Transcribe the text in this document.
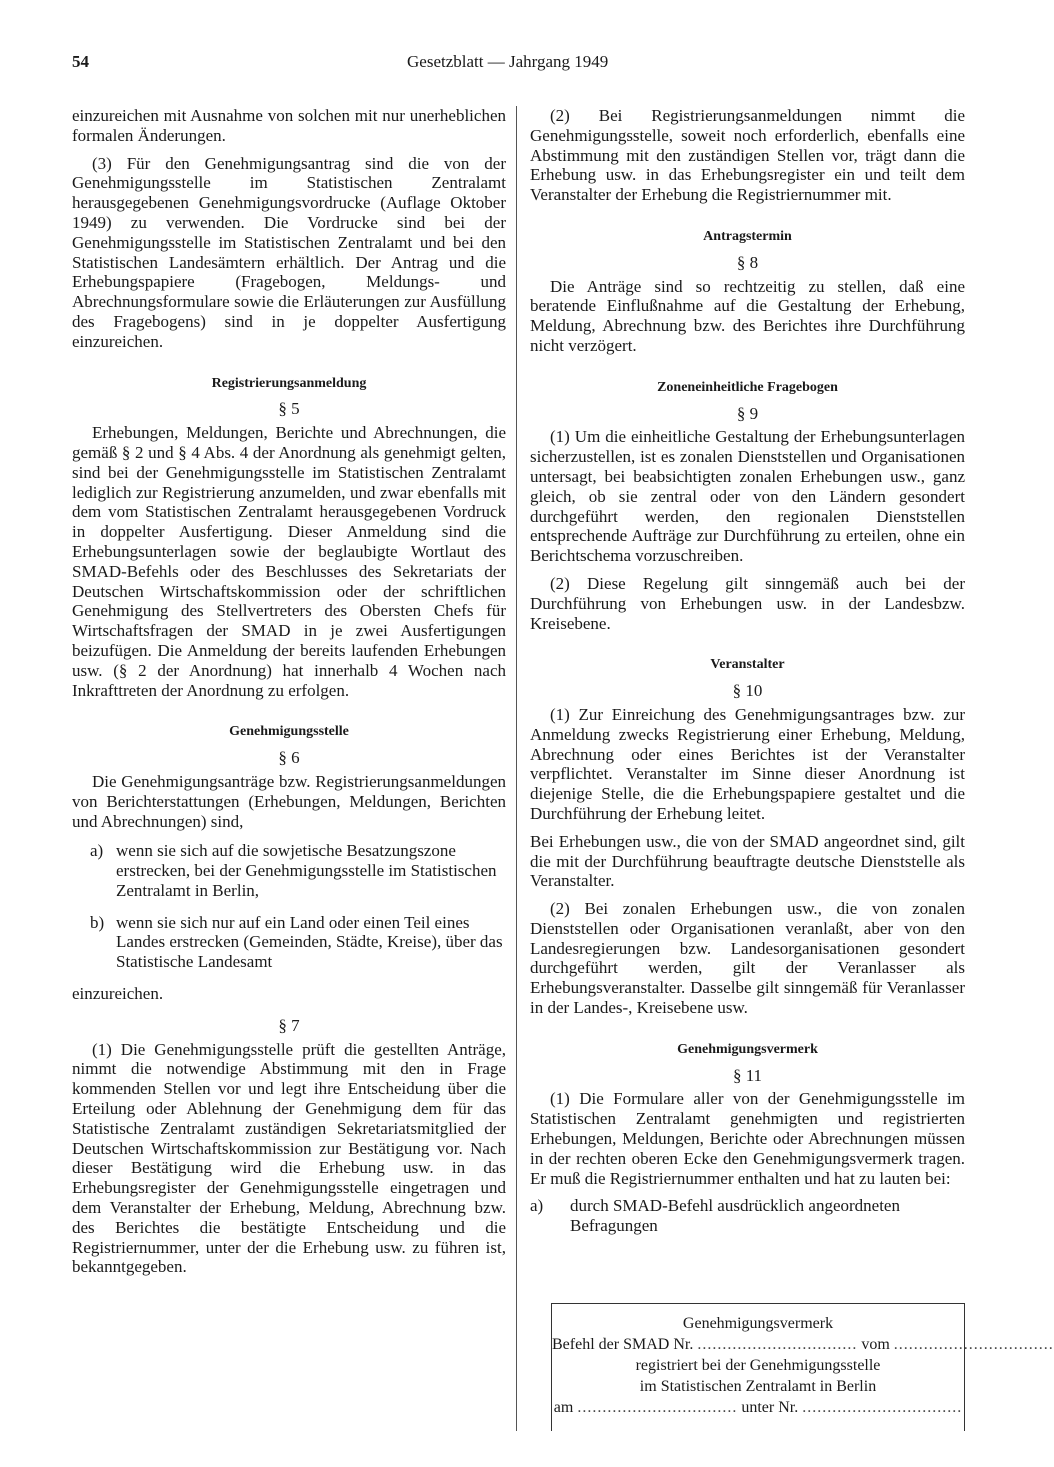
54	Gesetzblatt — Jahrgang 1949

einzureichen mit Ausnahme von solchen mit nur unerheblichen formalen Änderungen.

(3) Für den Genehmigungsantrag sind die von der Genehmigungsstelle im Statistischen Zentralamt herausgegebenen Genehmigungsvordrucke (Auflage Oktober 1949) zu verwenden. Die Vordrucke sind bei der Genehmigungsstelle im Statistischen Zentralamt und bei den Statistischen Landesämtern erhältlich. Der Antrag und die Erhebungspapiere (Fragebogen, Meldungs- und Abrechnungsformulare sowie die Erläuterungen zur Ausfüllung des Fragebogens) sind in je doppelter Ausfertigung einzureichen.

Registrierungsanmeldung
§ 5

Erhebungen, Meldungen, Berichte und Abrechnungen, die gemäß § 2 und § 4 Abs. 4 der Anordnung als genehmigt gelten, sind bei der Genehmigungsstelle im Statistischen Zentralamt lediglich zur Registrierung anzumelden, und zwar ebenfalls mit dem vom Statistischen Zentralamt herausgegebenen Vordruck in doppelter Ausfertigung. Dieser Anmeldung sind die Erhebungsunterlagen sowie der beglaubigte Wortlaut des SMAD-Befehls oder des Beschlusses des Sekretariats der Deutschen Wirtschaftskommission oder der schriftlichen Genehmigung des Stellvertreters des Obersten Chefs für Wirtschaftsfragen der SMAD in je zwei Ausfertigungen beizufügen. Die Anmeldung der bereits laufenden Erhebungen usw. (§ 2 der Anordnung) hat innerhalb 4 Wochen nach Inkrafttreten der Anordnung zu erfolgen.

Genehmigungsstelle
§ 6

Die Genehmigungsanträge bzw. Registrierungsanmeldungen von Berichterstattungen (Erhebungen, Meldungen, Berichten und Abrechnungen) sind,

a) wenn sie sich auf die sowjetische Besatzungszone erstrecken, bei der Genehmigungsstelle im Statistischen Zentralamt in Berlin,
b) wenn sie sich nur auf ein Land oder einen Teil eines Landes erstrecken (Gemeinden, Städte, Kreise), über das Statistische Landesamt

einzureichen.

§ 7

(1) Die Genehmigungsstelle prüft die gestellten Anträge, nimmt die notwendige Abstimmung mit den in Frage kommenden Stellen vor und legt ihre Entscheidung über die Erteilung oder Ablehnung der Genehmigung dem für das Statistische Zentralamt zuständigen Sekretariatsmitglied der Deutschen Wirtschaftskommission zur Bestätigung vor. Nach dieser Bestätigung wird die Erhebung usw. in das Erhebungsregister der Genehmigungsstelle eingetragen und dem Veranstalter der Erhebung, Meldung, Abrechnung bzw. des Berichtes die bestätigte Entscheidung und die Registriernummer, unter der die Erhebung usw. zu führen ist, bekanntgegeben.

(2) Bei Registrierungsanmeldungen nimmt die Genehmigungsstelle, soweit noch erforderlich, ebenfalls eine Abstimmung mit den zuständigen Stellen vor, trägt dann die Erhebung usw. in das Erhebungsregister ein und teilt dem Veranstalter der Erhebung die Registriernummer mit.

Antragstermin
§ 8

Die Anträge sind so rechtzeitig zu stellen, daß eine beratende Einflußnahme auf die Gestaltung der Erhebung, Meldung, Abrechnung bzw. des Berichtes ihre Durchführung nicht verzögert.

Zoneneinheitliche Fragebogen
§ 9

(1) Um die einheitliche Gestaltung der Erhebungsunterlagen sicherzustellen, ist es zonalen Dienststellen und Organisationen untersagt, bei beabsichtigten zonalen Erhebungen usw., ganz gleich, ob sie zentral oder von den Ländern gesondert durchgeführt werden, den regionalen Dienststellen entsprechende Aufträge zur Durchführung zu erteilen, ohne ein Berichtschema vorzuschreiben.

(2) Diese Regelung gilt sinngemäß auch bei der Durchführung von Erhebungen usw. in der Landesbzw. Kreisebene.

Veranstalter
§ 10

(1) Zur Einreichung des Genehmigungsantrages bzw. zur Anmeldung zwecks Registrierung einer Erhebung, Meldung, Abrechnung oder eines Berichtes ist der Veranstalter verpflichtet. Veranstalter im Sinne dieser Anordnung ist diejenige Stelle, die die Erhebungspapiere gestaltet und die Durchführung der Erhebung leitet.

Bei Erhebungen usw., die von der SMAD angeordnet sind, gilt die mit der Durchführung beauftragte deutsche Dienststelle als Veranstalter.

(2) Bei zonalen Erhebungen usw., die von zonalen Dienststellen oder Organisationen veranlaßt, aber von den Landesregierungen bzw. Landesorganisationen gesondert durchgeführt werden, gilt der Veranlasser als Erhebungsveranstalter. Dasselbe gilt sinngemäß für Veranlasser in der Landes-, Kreisebene usw.

Genehmigungsvermerk
§ 11

(1) Die Formulare aller von der Genehmigungsstelle im Statistischen Zentralamt genehmigten und registrierten Erhebungen, Meldungen, Berichte oder Abrechnungen müssen in der rechten oberen Ecke den Genehmigungsvermerk tragen. Er muß die Registriernummer enthalten und hat zu lauten bei:

a)	durch SMAD-Befehl ausdrücklich angeordneten Befragungen
Genehmigungsvermerk
Befehl der SMAD Nr. ................................ vom ................................
registriert bei der Genehmigungsstelle
im Statistischen Zentralamt in Berlin
am ................................ unter Nr. ................................
